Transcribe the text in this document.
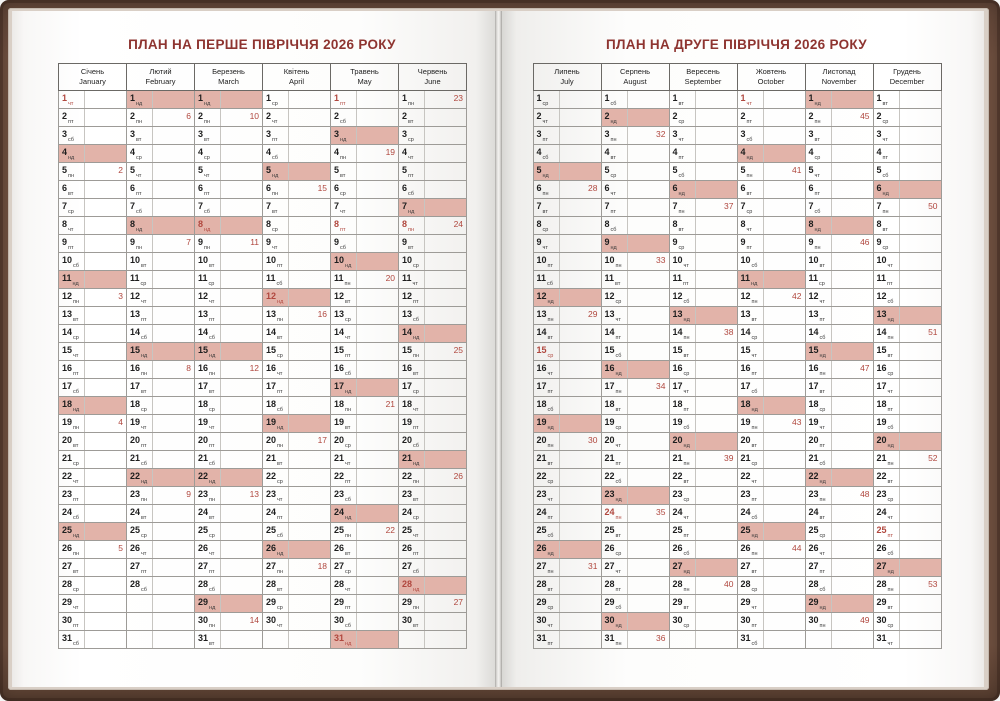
ПЛАН НА ПЕРШЕ ПІВРІЧЧЯ 2026 РОКУ
Січень
January

Лютий
February

Березень
March

Квітень
April

Травень
May

Червень
June

1чт		1нд		1нд		1ср		1пт		1пн	23

2пт		2пн	6	2пн	10	2чт		2сб		2вт	
3сб		3вт		3вт		3пт		3нд		3ср	
4нд		4ср		4ср		4сб		4пн	19	4чт	
5пн	2	5чт		5чт		5нд		5вт		5пт	
6вт		6пт		6пт		6пн	15	6ср		6сб	
7ср		7сб		7сб		7вт		7чт		7нд	
8чт		8нд		8нд		8ср		8пт		8пн	24

9пт		9пн	7	9пн	11	9чт		9сб		9вт	
10сб		10вт		10вт		10пт		10нд		10ср	
11нд		11ср		11ср		11сб		11пн	20	11чт	
12пн	3	12чт		12чт		12нд		12вт		12пт	
13вт		13пт		13пт		13пн	16	13ср		13сб	
14ср		14сб		14сб		14вт		14чт		14нд	
15чт		15нд		15нд		15ср		15пт		15пн	25

16пт		16пн	8	16пн	12	16чт		16сб		16вт	
17сб		17вт		17вт		17пт		17нд		17ср	
18нд		18ср		18ср		18сб		18пн	21	18чт	
19пн	4	19чт		19чт		19нд		19вт		19пт	
20вт		20пт		20пт		20пн	17	20ср		20сб	
21ср		21сб		21сб		21вт		21чт		21нд	
22чт		22нд		22нд		22ср		22пт		22пн	26

23пт		23пн	9	23пн	13	23чт		23сб		23вт	
24сб		24вт		24вт		24пт		24нд		24ср	
25нд		25ср		25ср		25сб		25пн	22	25чт	
26пн	5	26чт		26чт		26нд		26вт		26пт	
27вт		27пт		27пт		27пн	18	27ср		27сб	
28ср		28сб		28сб		28вт		28чт		28нд	
29чт				29нд		29ср		29пт		29пн	27

30пт				30пн	14	30чт		30сб		30вт	
31сб				31вт				31нд			
ПЛАН НА ДРУГЕ ПІВРІЧЧЯ 2026 РОКУ
Липень
July

Серпень
August

Вересень
September

Жовтень
October

Листопад
November

Грудень
December

1ср		1сб		1вт		1чт		1нд		1вт	
2чт		2нд		2ср		2пт		2пн	45	2ср	
3пт		3пн	32	3чт		3сб		3вт		3чт	
4сб		4вт		4пт		4нд		4ср		4пт	
5нд		5ср		5сб		5пн	41	5чт		5сб	
6пн	28	6чт		6нд		6вт		6пт		6нд	
7вт		7пт		7пн	37	7ср		7сб		7пн	50

8ср		8сб		8вт		8чт		8нд		8вт	
9чт		9нд		9ср		9пт		9пн	46	9ср	
10пт		10пн	33	10чт		10сб		10вт		10чт	
11сб		11вт		11пт		11нд		11ср		11пт	
12нд		12ср		12сб		12пн	42	12чт		12сб	
13пн	29	13чт		13нд		13вт		13пт		13нд	
14вт		14пт		14пн	38	14ср		14сб		14пн	51

15ср		15сб		15вт		15чт		15нд		15вт	
16чт		16нд		16ср		16пт		16пн	47	16ср	
17пт		17пн	34	17чт		17сб		17вт		17чт	
18сб		18вт		18пт		18нд		18ср		18пт	
19нд		19ср		19сб		19пн	43	19чт		19сб	
20пн	30	20чт		20нд		20вт		20пт		20нд	
21вт		21пт		21пн	39	21ср		21сб		21пн	52

22ср		22сб		22вт		22чт		22нд		22вт	
23чт		23нд		23ср		23пт		23пн	48	23ср	
24пт		24пн	35	24чт		24сб		24вт		24чт	
25сб		25вт		25пт		25нд		25ср		25пт	
26нд		26ср		26сб		26пн	44	26чт		26сб	
27пн	31	27чт		27нд		27вт		27пт		27нд	
28вт		28пт		28пн	40	28ср		28сб		28пн	53

29ср		29сб		29вт		29чт		29нд		29вт	
30чт		30нд		30ср		30пт		30пн	49	30ср	
31пт		31пн	36			31сб				31чт	
